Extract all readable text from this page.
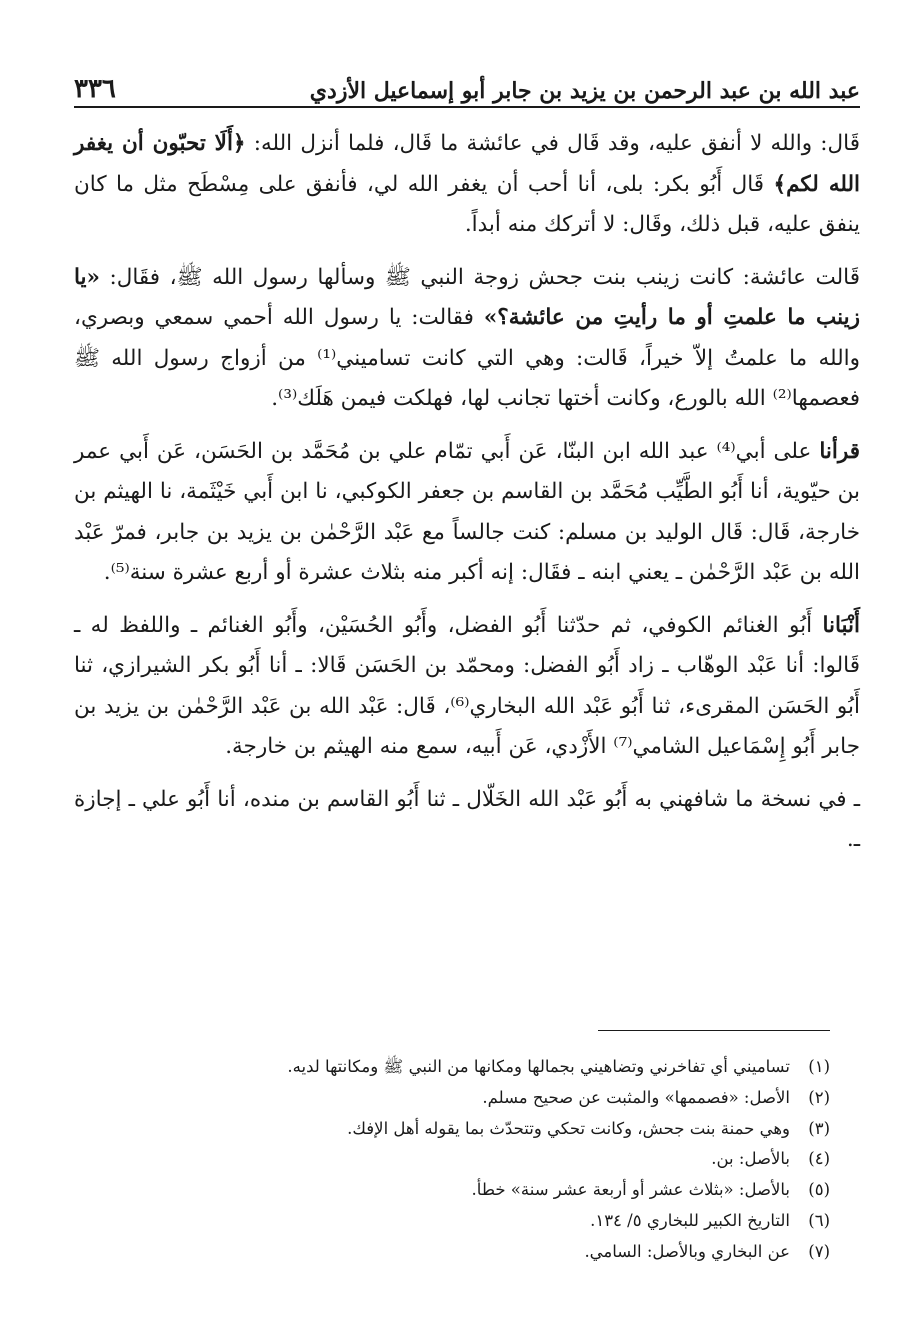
عبد الله بن عبد الرحمن بن يزيد بن جابر أبو إسماعيل الأزدي
٣٣٦

قَال: والله لا أنفق عليه، وقد قَال في عائشة ما قَال، فلما أنزل الله: ﴿أَلَا تحبّون أن يغفر الله لكم﴾ قَال أَبُو بكر: بلى، أنا أحب أن يغفر الله لي، فأنفق على مِسْطَح مثل ما كان ينفق عليه، قبل ذلك، وقَال: لا أتركك منه أبداً.

قَالت عائشة: كانت زينب بنت جحش زوجة النبي ﷺ وسألها رسول الله ﷺ، فقَال: «يا زينب ما علمتِ أو ما رأيتِ من عائشة؟» فقالت: يا رسول الله أحمي سمعي وبصري، والله ما علمتُ إلاّ خيراً، قَالت: وهي التي كانت تساميني⁽¹⁾ من أزواج رسول الله ﷺ فعصمها⁽²⁾ الله بالورع، وكانت أختها تجانب لها، فهلكت فيمن هَلَك⁽³⁾.

قرأنا على أبي⁽⁴⁾ عبد الله ابن البنّا، عَن أَبي تمّام علي بن مُحَمَّد بن الحَسَن، عَن أَبي عمر بن حيّوية، أنا أَبُو الطَّيِّب مُحَمَّد بن القاسم بن جعفر الكوكبي، نا ابن أَبي خَيْثَمة، نا الهيثم بن خارجة، قَال: قَال الوليد بن مسلم: كنت جالساً مع عَبْد الرَّحْمٰن بن يزيد بن جابر، فمرّ عَبْد الله بن عَبْد الرَّحْمٰن ـ يعني ابنه ـ فقَال: إنه أكبر منه بثلاث عشرة أو أربع عشرة سنة⁽⁵⁾.

أَنْبَانا أَبُو الغنائم الكوفي، ثم حدّثنا أَبُو الفضل، وأَبُو الحُسَيْن، وأَبُو الغنائم ـ واللفظ له ـ قَالوا: أنا عَبْد الوهّاب ـ زاد أَبُو الفضل: ومحمّد بن الحَسَن قَالا: ـ أنا أَبُو بكر الشيرازي، ثنا أَبُو الحَسَن المقرىء، ثنا أَبُو عَبْد الله البخاري⁽⁶⁾، قَال: عَبْد الله بن عَبْد الرَّحْمٰن بن يزيد بن جابر أَبُو إِسْمَاعيل الشامي⁽⁷⁾ الأَزْدي، عَن أَبيه، سمع منه الهيثم بن خارجة.

ـ في نسخة ما شافهني به أَبُو عَبْد الله الخَلّال ـ ثنا أَبُو القاسم بن منده، أنا أَبُو علي ـ إجازة ـ.

(١)
تساميني أي تفاخرني وتضاهيني بجمالها ومكانها من النبي ﷺ ومكانتها لديه.
(٢)
الأصل: «فصممها» والمثبت عن صحيح مسلم.
(٣)
وهي حمنة بنت جحش، وكانت تحكي وتتحدّث بما يقوله أهل الإفك.
(٤)
بالأصل: بن.
(٥)
بالأصل: «بثلاث عشر أو أربعة عشر سنة» خطأ.
(٦)
التاريخ الكبير للبخاري ٥/ ١٣٤.
(٧)
عن البخاري وبالأصل: السامي.
